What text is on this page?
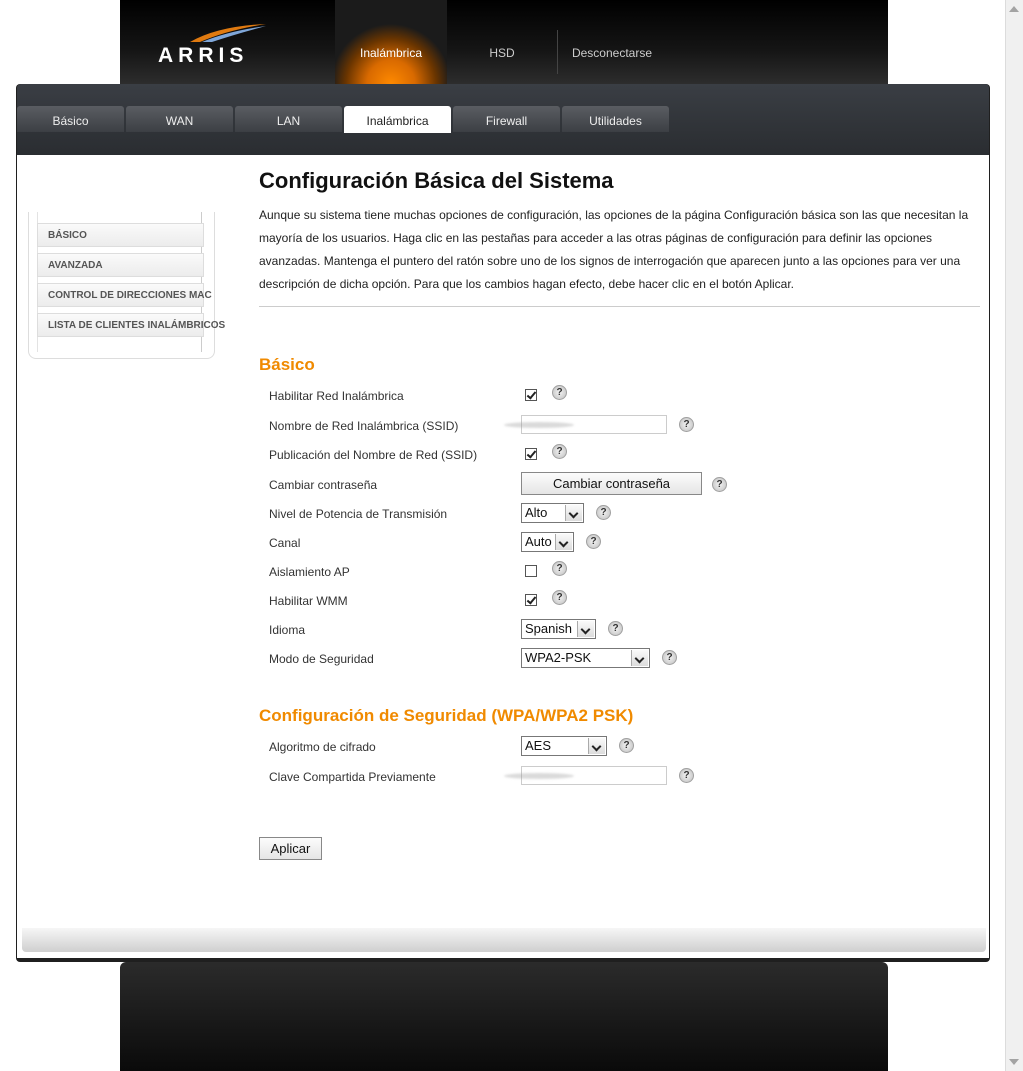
ARRIS	Inalámbrica	HSD	Desconectarse
Básico	WAN	LAN	Inalámbrica	Firewall	Utilidades
BÁSICO
AVANZADA
CONTROL DE DIRECCIONES MAC
LISTA DE CLIENTES INALÁMBRICOS
Configuración Básica del Sistema

Aunque su sistema tiene muchas opciones de configuración, las opciones de la página Configuración básica son las que necesitan la mayoría de los usuarios. Haga clic en las pestañas para acceder a las otras páginas de configuración para definir las opciones avanzadas. Mantenga el puntero del ratón sobre uno de los signos de interrogación que aparecen junto a las opciones para ver una descripción de dicha opción. Para que los cambios hagan efecto, debe hacer clic en el botón Aplicar.

Básico
Habilitar Red Inalámbrica	?
Nombre de Red Inalámbrica (SSID)	?
Publicación del Nombre de Red (SSID)	?
Cambiar contraseña	Cambiar contraseña	?
Nivel de Potencia de Transmisión	Alto	?
Canal	Auto	?
Aislamiento AP	?
Habilitar WMM	?
Idioma	Spanish	?
Modo de Seguridad	WPA2-PSK	?
Configuración de Seguridad (WPA/WPA2 PSK)
Algoritmo de cifrado	AES	?
Clave Compartida Previamente	?
Aplicar
